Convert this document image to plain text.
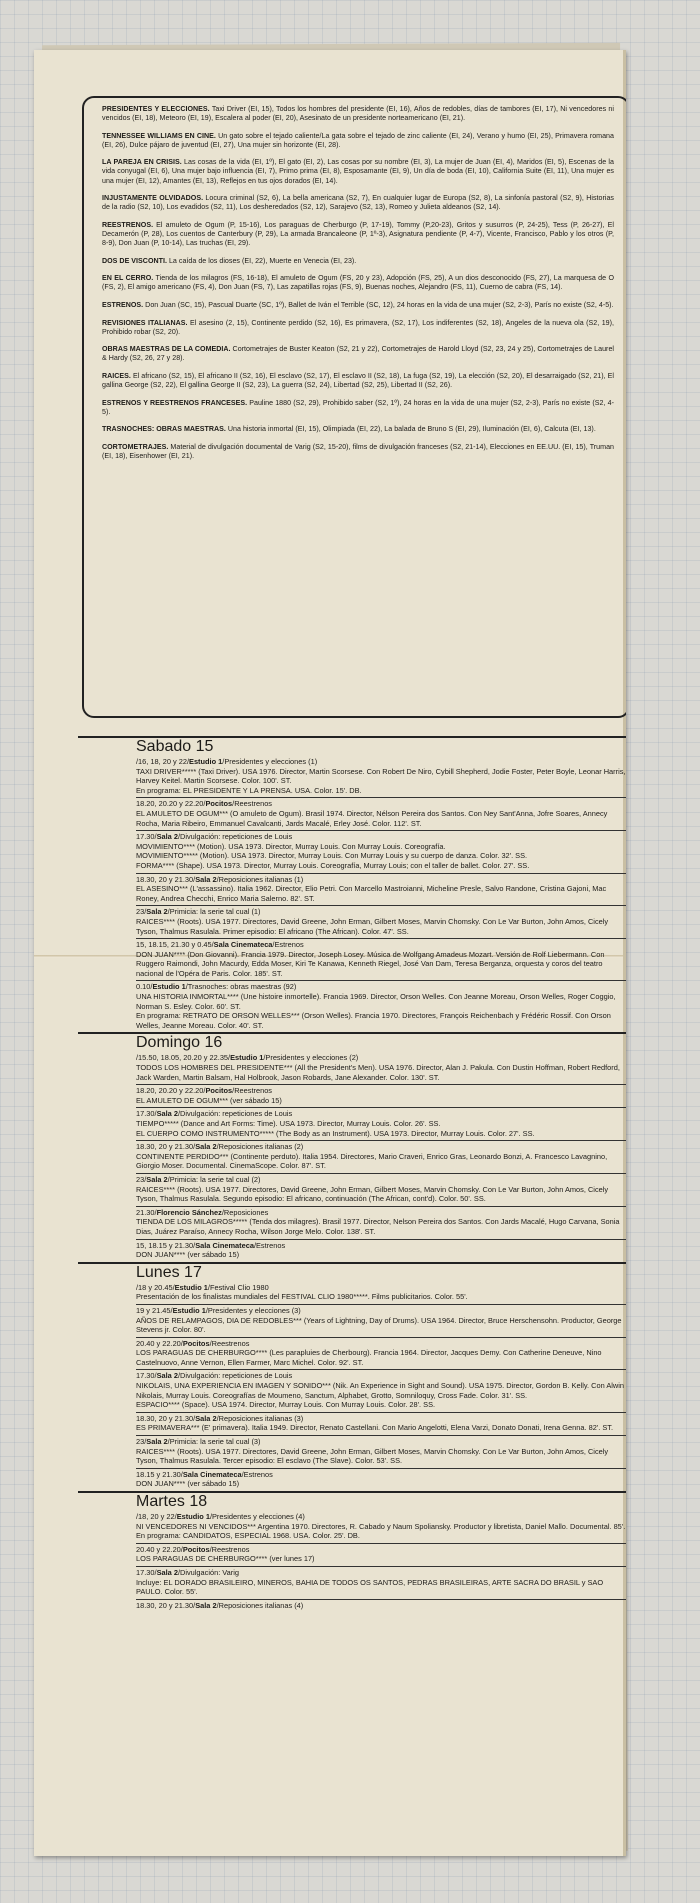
PRESIDENTES Y ELECCIONES. Taxi Driver (EI, 15), Todos los hombres del presidente (EI, 16), Años de redobles, días de tambores (EI, 17), Ni vencedores ni vencidos (EI, 18), Meteoro (EI, 19), Escalera al poder (EI, 20), Asesinato de un presidente norteamericano (EI, 21).

TENNESSEE WILLIAMS EN CINE. Un gato sobre el tejado caliente/La gata sobre el tejado de zinc caliente (EI, 24), Verano y humo (EI, 25), Primavera romana (EI, 26), Dulce pájaro de juventud (EI, 27), Una mujer sin horizonte (EI, 28).

LA PAREJA EN CRISIS. Las cosas de la vida (EI, 1º), El gato (EI, 2), Las cosas por su nombre (EI, 3), La mujer de Juan (EI, 4), Maridos (EI, 5), Escenas de la vida conyugal (EI, 6), Una mujer bajo influencia (EI, 7), Primo prima (EI, 8), Esposamante (EI, 9), Un día de boda (EI, 10), California Suite (EI, 11), Una mujer es una mujer (EI, 12), Amantes (EI, 13), Reflejos en tus ojos dorados (EI, 14).

INJUSTAMENTE OLVIDADOS. Locura criminal (S2, 6), La bella americana (S2, 7), En cualquier lugar de Europa (S2, 8), La sinfonía pastoral (S2, 9), Historias de la radio (S2, 10), Los evadidos (S2, 11), Los desheredados (S2, 12), Sarajevo (S2, 13), Romeo y Julieta aldeanos (S2, 14).

REESTRENOS. El amuleto de Ogum (P, 15-16), Los paraguas de Cherburgo (P, 17-19), Tommy (P,20-23), Gritos y susurros (P, 24-25), Tess (P, 26-27), El Decamerón (P, 28), Los cuentos de Canterbury (P, 29), La armada Brancaleone (P, 1º-3), Asignatura pendiente (P, 4-7), Vicente, Francisco, Pablo y los otros (P, 8-9), Don Juan (P, 10-14), Las truchas (EI, 29).

DOS DE VISCONTI. La caída de los dioses (EI, 22), Muerte en Venecia (EI, 23).

EN EL CERRO. Tienda de los milagros (FS, 16-18), El amuleto de Ogum (FS, 20 y 23), Adopción (FS, 25), A un dios desconocido (FS, 27), La marquesa de O (FS, 2), El amigo americano (FS, 4), Don Juan (FS, 7), Las zapatillas rojas (FS, 9), Buenas noches, Alejandro (FS, 11), Cuerno de cabra (FS, 14).

ESTRENOS. Don Juan (SC, 15), Pascual Duarte (SC, 1º), Ballet de Iván el Terrible (SC, 12), 24 horas en la vida de una mujer (S2, 2-3), París no existe (S2, 4-5).

REVISIONES ITALIANAS. El asesino (2, 15), Continente perdido (S2, 16), Es primavera, (S2, 17), Los indiferentes (S2, 18), Angeles de la nueva ola (S2, 19), Prohibido robar (S2, 20).

OBRAS MAESTRAS DE LA COMEDIA. Cortometrajes de Buster Keaton (S2, 21 y 22), Cortometrajes de Harold Lloyd (S2, 23, 24 y 25), Cortometrajes de Laurel & Hardy (S2, 26, 27 y 28).

RAICES. El africano (S2, 15), El africano II (S2, 16), El esclavo (S2, 17), El esclavo II (S2, 18), La fuga (S2, 19), La elección (S2, 20), El desarraigado (S2, 21), El gallina George (S2, 22), El gallina George II (S2, 23), La guerra (S2, 24), Libertad (S2, 25), Libertad II (S2, 26).

ESTRENOS Y REESTRENOS FRANCESES. Pauline 1880 (S2, 29), Prohibido saber (S2, 1º), 24 horas en la vida de una mujer (S2, 2-3), París no existe (S2, 4-5).

TRASNOCHES: OBRAS MAESTRAS. Una historia inmortal (EI, 15), Olimpiada (EI, 22), La balada de Bruno S (EI, 29), Iluminación (EI, 6), Calcuta (EI, 13).

CORTOMETRAJES. Material de divulgación documental de Varig (S2, 15-20), films de divulgación franceses (S2, 21-14), Elecciones en EE.UU. (EI, 15), Truman (EI, 18), Eisenhower (EI, 21).

Sabado 15
/16, 18, 20 y 22/Estudio 1/Presidentes y elecciones (1)

TAXI DRIVER***** (Taxi Driver). USA 1976. Director, Martin Scorsese. Con Robert De Niro, Cybill Shepherd, Jodie Foster, Peter Boyle, Leonar Harris, Harvey Keitel. Martin Scorsese. Color. 100'. ST.

En programa: EL PRESIDENTE Y LA PRENSA. USA. Color. 15'. DB.

18.20, 20.20 y 22.20/Pocitos/Reestrenos

EL AMULETO DE OGUM*** (O amuleto de Ogum). Brasil 1974. Director, Nélson Pereira dos Santos. Con Ney Sant'Anna, Jofre Soares, Annecy Rocha, Maria Ribeiro, Emmanuel Cavalcanti, Jards Macalé, Erley José. Color. 112'. ST.

17.30/Sala 2/Divulgación: repeticiones de Louis

MOVIMIENTO**** (Motion). USA 1973. Director, Murray Louis. Con Murray Louis. Coreografía.

MOVIMIENTO***** (Motion). USA 1973. Director, Murray Louis. Con Murray Louis y su cuerpo de danza. Color. 32'. SS.

FORMA**** (Shape). USA 1973. Director, Murray Louis. Coreografía, Murray Louis; con el taller de ballet. Color. 27'. SS.

18.30, 20 y 21.30/Sala 2/Reposiciones italianas (1)

EL ASESINO*** (L'assassino). Italia 1962. Director, Elio Petri. Con Marcello Mastroianni, Micheline Presle, Salvo Randone, Cristina Gajoni, Mac Roney, Andrea Checchi, Enrico Maria Salerno. 82'. ST.

23/Sala 2/Primicia: la serie tal cual (1)

RAICES**** (Roots). USA 1977. Directores, David Greene, John Erman, Gilbert Moses, Marvin Chomsky. Con Le Var Burton, John Amos, Cicely Tyson, Thalmus Rasulala. Primer episodio: El africano (The African). Color. 47'. SS.

15, 18.15, 21.30 y 0.45/Sala Cinemateca/Estrenos

DON JUAN**** (Don Giovanni). Francia 1979. Director, Joseph Losey. Música de Wolfgang Amadeus Mozart. Versión de Rolf Liebermann. Con Ruggero Raimondi, John Macurdy, Edda Moser, Kiri Te Kanawa, Kenneth Riegel, José Van Dam, Teresa Berganza, orquesta y coros del teatro nacional de l'Opéra de Paris. Color. 185'. ST.

0.10/Estudio 1/Trasnoches: obras maestras (92)

UNA HISTORIA INMORTAL**** (Une histoire inmortelle). Francia 1969. Director, Orson Welles. Con Jeanne Moreau, Orson Welles, Roger Coggio, Norman S. Esley. Color. 60'. ST.

En programa: RETRATO DE ORSON WELLES*** (Orson Welles). Francia 1970. Directores, François Reichenbach y Frédéric Rossif. Con Orson Welles, Jeanne Moreau. Color. 40'. ST.

Domingo 16
/15.50, 18.05, 20.20 y 22.35/Estudio 1/Presidentes y elecciones (2)

TODOS LOS HOMBRES DEL PRESIDENTE*** (All the President's Men). USA 1976. Director, Alan J. Pakula. Con Dustin Hoffman, Robert Redford, Jack Warden, Martin Balsam, Hal Holbrook, Jason Robards, Jane Alexander. Color. 130'. ST.

18.20, 20.20 y 22.20/Pocitos/Reestrenos

EL AMULETO DE OGUM*** (ver sábado 15)

17.30/Sala 2/Divulgación: repeticiones de Louis

TIEMPO***** (Dance and Art Forms: Time). USA 1973. Director, Murray Louis. Color. 26'. SS.

EL CUERPO COMO INSTRUMENTO***** (The Body as an Instrument). USA 1973. Director, Murray Louis. Color. 27'. SS.

18.30, 20 y 21.30/Sala 2/Reposiciones italianas (2)

CONTINENTE PERDIDO*** (Continente perduto). Italia 1954. Directores, Mario Craveri, Enrico Gras, Leonardo Bonzi, A. Francesco Lavagnino, Giorgio Moser. Documental. CinemaScope. Color. 87'. ST.

23/Sala 2/Primicia: la serie tal cual (2)

RAICES**** (Roots). USA 1977. Directores, David Greene, John Erman, Gilbert Moses, Marvin Chomsky. Con Le Var Burton, John Amos, Cicely Tyson, Thalmus Rasulala. Segundo episodio: El africano, continuación (The African, cont'd). Color. 50'. SS.

21.30/Florencio Sánchez/Reposiciones

TIENDA DE LOS MILAGROS***** (Tenda dos milagres). Brasil 1977. Director, Nelson Pereira dos Santos. Con Jards Macalé, Hugo Carvana, Sonia Dias, Juárez Paraíso, Annecy Rocha, Wilson Jorge Melo. Color. 138'. ST.

15, 18.15 y 21.30/Sala Cinemateca/Estrenos

DON JUAN**** (ver sábado 15)

Lunes 17
/18 y 20.45/Estudio 1/Festival Clio 1980

Presentación de los finalistas mundiales del FESTIVAL CLIO 1980*****. Films publicitarios. Color. 55'.

19 y 21.45/Estudio 1/Presidentes y elecciones (3)

AÑOS DE RELAMPAGOS, DIA DE REDOBLES*** (Years of Lightning, Day of Drums). USA 1964. Director, Bruce Herschensohn. Productor, George Stevens jr. Color. 80'.

20.40 y 22.20/Pocitos/Reestrenos

LOS PARAGUAS DE CHERBURGO**** (Les parapluies de Cherbourg). Francia 1964. Director, Jacques Demy. Con Catherine Deneuve, Nino Castelnuovo, Anne Vernon, Ellen Farmer, Marc Michel. Color. 92'. ST.

17.30/Sala 2/Divulgación: repeticiones de Louis

NIKOLAIS, UNA EXPERIENCIA EN IMAGEN Y SONIDO*** (Nik. An Experience in Sight and Sound). USA 1975. Director, Gordon B. Kelly. Con Alwin Nikolais, Murray Louis. Coreografías de Moumeno, Sanctum, Alphabet, Grotto, Somniloquy, Cross Fade. Color. 31'. SS.

ESPACIO**** (Space). USA 1974. Director, Murray Louis. Con Murray Louis. Color. 28'. SS.

18.30, 20 y 21.30/Sala 2/Reposiciones italianas (3)

ES PRIMAVERA*** (E' primavera). Italia 1949. Director, Renato Castellani. Con Mario Angelotti, Elena Varzi, Donato Donati, Irena Genna. 82'. ST.

23/Sala 2/Primicia: la serie tal cual (3)

RAICES**** (Roots). USA 1977. Directores, David Greene, John Erman, Gilbert Moses, Marvin Chomsky. Con Le Var Burton, John Amos, Cicely Tyson, Thalmus Rasulala. Tercer episodio: El esclavo (The Slave). Color. 53'. SS.

18.15 y 21.30/Sala Cinemateca/Estrenos

DON JUAN**** (ver sábado 15)

Martes 18
/18, 20 y 22/Estudio 1/Presidentes y elecciones (4)

NI VENCEDORES NI VENCIDOS*** Argentina 1970. Directores, R. Cabado y Naum Spoliansky. Productor y libretista, Daniel Mallo. Documental. 85'.

En programa: CANDIDATOS, ESPECIAL 1968. USA. Color. 25'. DB.

20.40 y 22.20/Pocitos/Reestrenos

LOS PARAGUAS DE CHERBURGO**** (ver lunes 17)

17.30/Sala 2/Divulgación: Varig

Incluye: EL DORADO BRASILEIRO, MINEROS, BAHIA DE TODOS OS SANTOS, PEDRAS BRASILEIRAS, ARTE SACRA DO BRASIL y SAO PAULO. Color. 55'.

18.30, 20 y 21.30/Sala 2/Reposiciones italianas (4)
